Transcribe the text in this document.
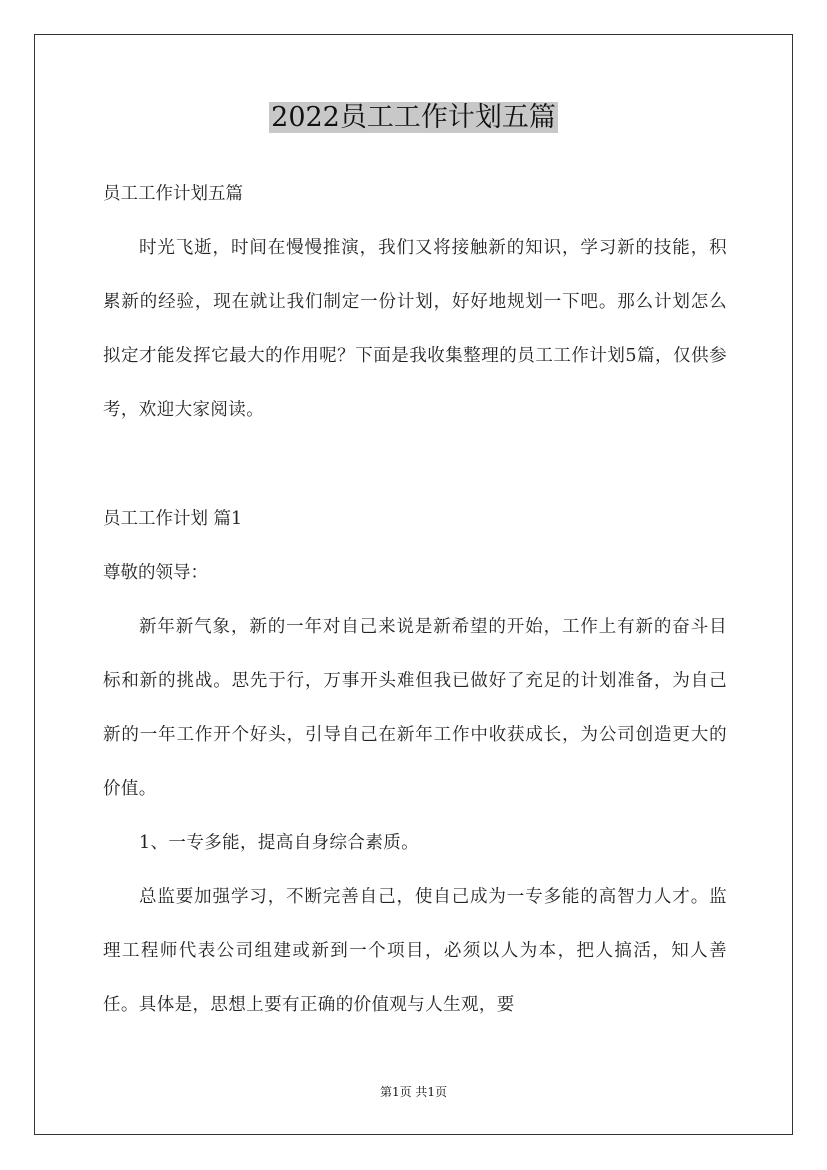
2022员工工作计划五篇

员工工作计划五篇

时光飞逝，时间在慢慢推演，我们又将接触新的知识，学习新的技能，积累新的经验，现在就让我们制定一份计划，好好地规划一下吧。那么计划怎么拟定才能发挥它最大的作用呢？下面是我收集整理的员工工作计划5篇，仅供参考，欢迎大家阅读。

员工工作计划 篇1

尊敬的领导：

新年新气象，新的一年对自己来说是新希望的开始，工作上有新的奋斗目标和新的挑战。思先于行，万事开头难但我已做好了充足的计划准备，为自己新的一年工作开个好头，引导自己在新年工作中收获成长，为公司创造更大的价值。

1、一专多能，提高自身综合素质。

总监要加强学习，不断完善自己，使自己成为一专多能的高智力人才。监理工程师代表公司组建或新到一个项目，必须以人为本，把人搞活，知人善任。具体是，思想上要有正确的价值观与人生观，要

第1页 共1页
